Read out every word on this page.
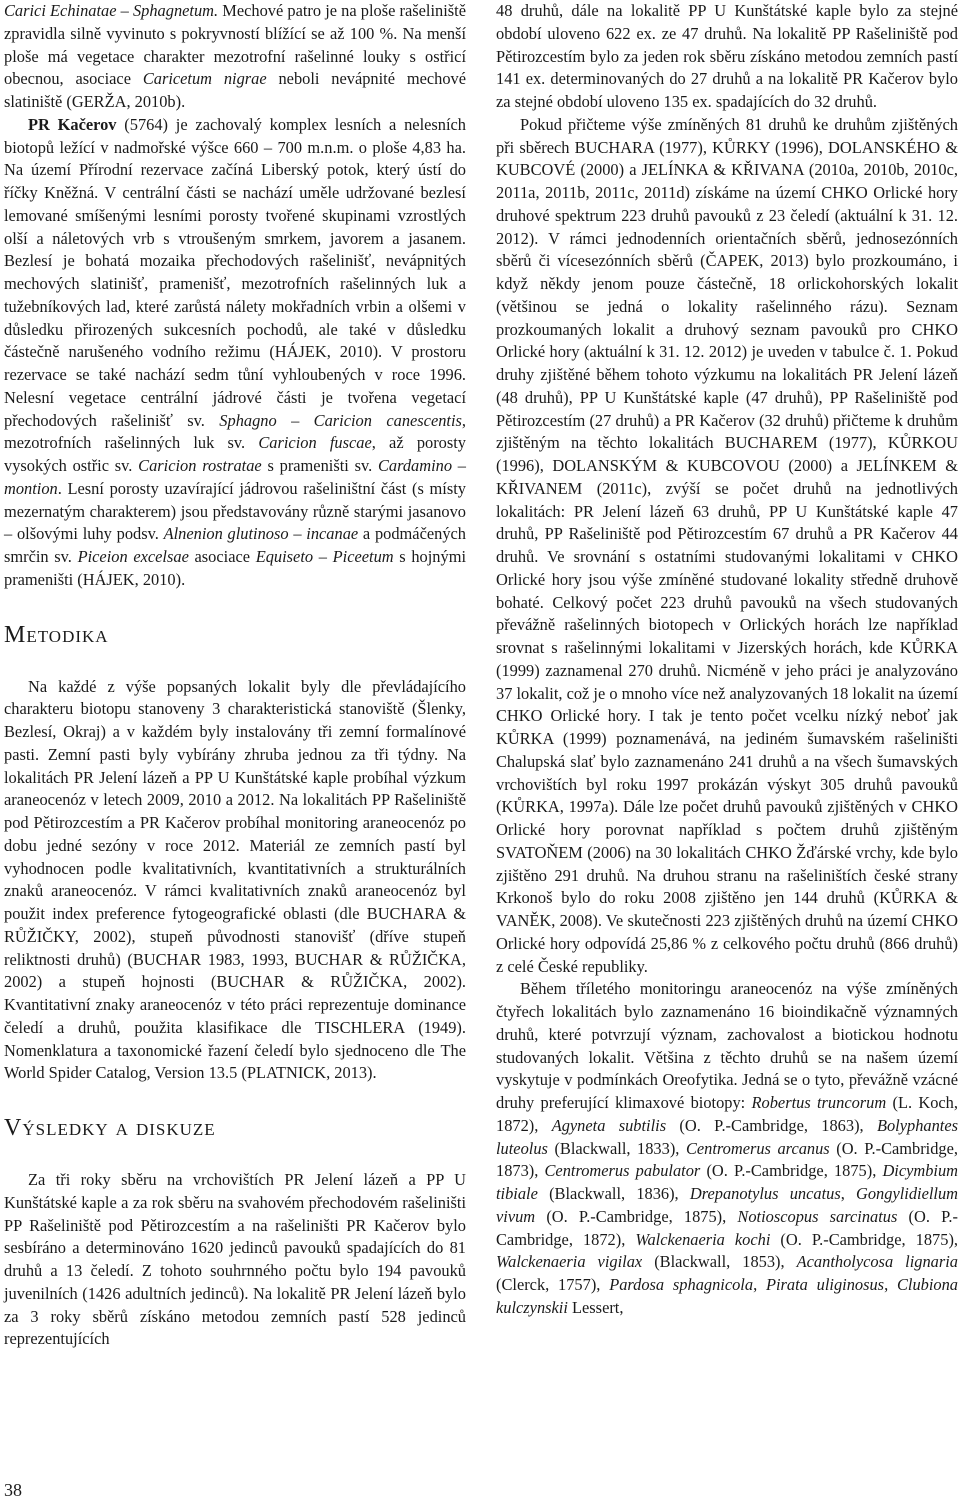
Carici Echinatae – Sphagnetum. Mechové patro je na ploše rašeliniště zpravidla silně vyvinuto s pokryvností blížící se až 100 %. Na menší ploše má vegetace charakter mezotrofní rašelinné louky s ostřicí obecnou, asociace Caricetum nigrae neboli nevápnité mechové slatiniště (GERŽA, 2010b).

PR Kačerov (5764) je zachovalý komplex lesních a nelesních biotopů ležící v nadmořské výšce 660 – 700 m.n.m. o ploše 4,83 ha. Na území Přírodní rezervace začíná Liberský potok, který ústí do říčky Kněžná. V centrální části se nachází uměle udržované bezlesí lemované smíšenými lesními porosty tvořené skupinami vzrostlých olší a náletových vrb s vtroušeným smrkem, javorem a jasanem. Bezlesí je bohatá mozaika přechodových rašelinišť, nevápnitých mechových slatinišť, pramenišť, mezotrofních rašelinných luk a tužebníkových lad, které zarůstá nálety mokřadních vrbin a olšemi v důsledku přirozených sukcesních pochodů, ale také v důsledku částečně narušeného vodního režimu (HÁJEK, 2010). V prostoru rezervace se také nachází sedm tůní vyhloubených v roce 1996. Nelesní vegetace centrální jádrové části je tvořena vegetací přechodových rašelinišť sv. Sphagno – Caricion canescentis, mezotrofních rašelinných luk sv. Caricion fuscae, až porosty vysokých ostřic sv. Caricion rostratae s prameništi sv. Cardamino – montion. Lesní porosty uzavírající jádrovou rašeliništní část (s místy mezernatým charakterem) jsou představovány různě starými jasanovo – olšovými luhy podsv. Alnenion glutinoso – incanae a podmáčených smrčin sv. Piceion excelsae asociace Equiseto – Piceetum s hojnými prameništi (HÁJEK, 2010).

Metodika

Na každé z výše popsaných lokalit byly dle převládajícího charakteru biotopu stanoveny 3 charakteristická stanoviště (Šlenky, Bezlesí, Okraj) a v každém byly instalovány tři zemní formalínové pasti. Zemní pasti byly vybírány zhruba jednou za tři týdny. Na lokalitách PR Jelení lázeň a PP U Kunštátské kaple probíhal výzkum araneocenóz v letech 2009, 2010 a 2012. Na lokalitách PP Rašeliniště pod Pětirozcestím a PR Kačerov probíhal monitoring araneocenóz po dobu jedné sezóny v roce 2012. Materiál ze zemních pastí byl vyhodnocen podle kvalitativních, kvantitativních a strukturálních znaků araneocenóz. V rámci kvalitativních znaků araneocenóz byl použit index preference fytogeografické oblasti (dle BUCHARA & RŮŽIČKY, 2002), stupeň původnosti stanovišť (dříve stupeň reliktnosti druhů) (BUCHAR 1983, 1993, BUCHAR & RŮŽIČKA, 2002) a stupeň hojnosti (BUCHAR & RŮŽIČKA, 2002). Kvantitativní znaky araneocenóz v této práci reprezentuje dominance čeledí a druhů, použita klasifikace dle TISCHLERA (1949). Nomenklatura a taxonomické řazení čeledí bylo sjednoceno dle The World Spider Catalog, Version 13.5 (PLATNICK, 2013).

Výsledky a diskuze

Za tři roky sběru na vrchovištích PR Jelení lázeň a PP U Kunštátské kaple a za rok sběru na svahovém přechodovém rašeliništi PP Rašeliniště pod Pětirozcestím a na rašeliništi PR Kačerov bylo sesbíráno a determinováno 1620 jedinců pavouků spadajících do 81 druhů a 13 čeledí. Z tohoto souhrnného počtu bylo 194 pavouků juvenilních (1426 adultních jedinců). Na lokalitě PR Jelení lázeň bylo za 3 roky sběrů získáno metodou zemních pastí 528 jedinců reprezentujících

48 druhů, dále na lokalitě PP U Kunštátské kaple bylo za stejné období uloveno 622 ex. ze 47 druhů. Na lokalitě PP Rašeliniště pod Pětirozcestím bylo za jeden rok sběru získáno metodou zemních pastí 141 ex. determinovaných do 27 druhů a na lokalitě PR Kačerov bylo za stejné období uloveno 135 ex. spadajících do 32 druhů.

Pokud přičteme výše zmíněných 81 druhů ke druhům zjištěných při sběrech BUCHARA (1977), KŮRKY (1996), DOLANSKÉHO & KUBCOVÉ (2000) a JELÍNKA & KŘIVANA (2010a, 2010b, 2010c, 2011a, 2011b, 2011c, 2011d) získáme na území CHKO Orlické hory druhové spektrum 223 druhů pavouků z 23 čeledí (aktuální k 31. 12. 2012). V rámci jednodenních orientačních sběrů, jednosezónních sběrů či vícesezónních sběrů (ČAPEK, 2013) bylo prozkoumáno, i když někdy jenom pouze částečně, 18 orlickohorských lokalit (většinou se jedná o lokality rašelinného rázu). Seznam prozkoumaných lokalit a druhový seznam pavouků pro CHKO Orlické hory (aktuální k 31. 12. 2012) je uveden v tabulce č. 1. Pokud druhy zjištěné během tohoto výzkumu na lokalitách PR Jelení lázeň (48 druhů), PP U Kunštátské kaple (47 druhů), PP Rašeliniště pod Pětirozcestím (27 druhů) a PR Kačerov (32 druhů) přičteme k druhům zjištěným na těchto lokalitách BUCHAREM (1977), KŮRKOU (1996), DOLANSKÝM & KUBCOVOU (2000) a JELÍNKEM & KŘIVANEM (2011c), zvýší se počet druhů na jednotlivých lokalitách: PR Jelení lázeň 63 druhů, PP U Kunštátské kaple 47 druhů, PP Rašeliniště pod Pětirozcestím 67 druhů a PR Kačerov 44 druhů. Ve srovnání s ostatními studovanými lokalitami v CHKO Orlické hory jsou výše zmíněné studované lokality středně druhově bohaté. Celkový počet 223 druhů pavouků na všech studovaných převážně rašelinných biotopech v Orlických horách lze například srovnat s rašelinnými lokalitami v Jizerských horách, kde KŮRKA (1999) zaznamenal 270 druhů. Nicméně v jeho práci je analyzováno 37 lokalit, což je o mnoho více než analyzovaných 18 lokalit na území CHKO Orlické hory. I tak je tento počet vcelku nízký neboť jak KŮRKA (1999) poznamenává, na jediném šumavském rašeliništi Chalupská slať bylo zaznamenáno 241 druhů a na všech šumavských vrchovištích byl roku 1997 prokázán výskyt 305 druhů pavouků (KŮRKA, 1997a). Dále lze počet druhů pavouků zjištěných v CHKO Orlické hory porovnat například s počtem druhů zjištěným SVATOŇEM (2006) na 30 lokalitách CHKO Žďárské vrchy, kde bylo zjištěno 291 druhů. Na druhou stranu na rašeliništích české strany Krkonoš bylo do roku 2008 zjištěno jen 144 druhů (KŮRKA & VANĚK, 2008). Ve skutečnosti 223 zjištěných druhů na území CHKO Orlické hory odpovídá 25,86 % z celkového počtu druhů (866 druhů) z celé České republiky.

Během tříletého monitoringu araneocenóz na výše zmíněných čtyřech lokalitách bylo zaznamenáno 16 bioindikačně významných druhů, které potvrzují význam, zachovalost a biotickou hodnotu studovaných lokalit. Většina z těchto druhů se na našem území vyskytuje v podmínkách Oreofytika. Jedná se o tyto, převážně vzácné druhy preferující klimaxové biotopy: Robertus truncorum (L. Koch, 1872), Agyneta subtilis (O. P.-Cambridge, 1863), Bolyphantes luteolus (Blackwall, 1833), Centromerus arcanus (O. P.-Cambridge, 1873), Centromerus pabulator (O. P.-Cambridge, 1875), Dicymbium tibiale (Blackwall, 1836), Drepanotylus uncatus, Gongylidiellum vivum (O. P.-Cambridge, 1875), Notioscopus sarcinatus (O. P.-Cambridge, 1872), Walckenaeria kochi (O. P.-Cambridge, 1875), Walckenaeria vigilax (Blackwall, 1853), Acantholycosa lignaria (Clerck, 1757), Pardosa sphagnicola, Pirata uliginosus, Clubiona kulczynskii Lessert,

38
